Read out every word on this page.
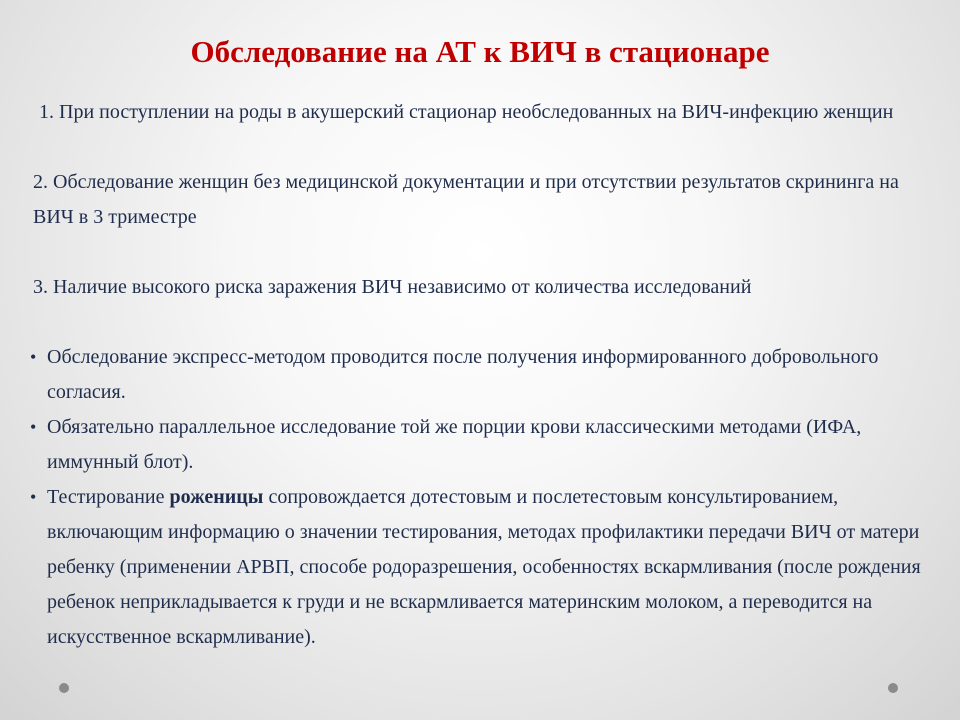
Обследование на АТ к ВИЧ в стационаре

1. При поступлении на роды в акушерский стационар необследованных на ВИЧ-инфекцию женщин

2. Обследование женщин без медицинской документации и при отсутствии результатов скрининга на ВИЧ в 3 триместре

3. Наличие высокого риска заражения ВИЧ независимо от количества исследований

• Обследование экспресс-методом проводится после получения информированного добровольного согласия.

• Обязательно параллельное исследование той же порции крови классическими методами (ИФА, иммунный блот).

• Тестирование роженицы сопровождается дотестовым и послетестовым консультированием, включающим информацию о значении тестирования, методах профилактики передачи ВИЧ от матери ребенку (применении АРВП, способе родоразрешения, особенностях вскармливания (после рождения ребенок неприкладывается к груди и не вскармливается материнским молоком, а переводится на искусственное вскармливание).
